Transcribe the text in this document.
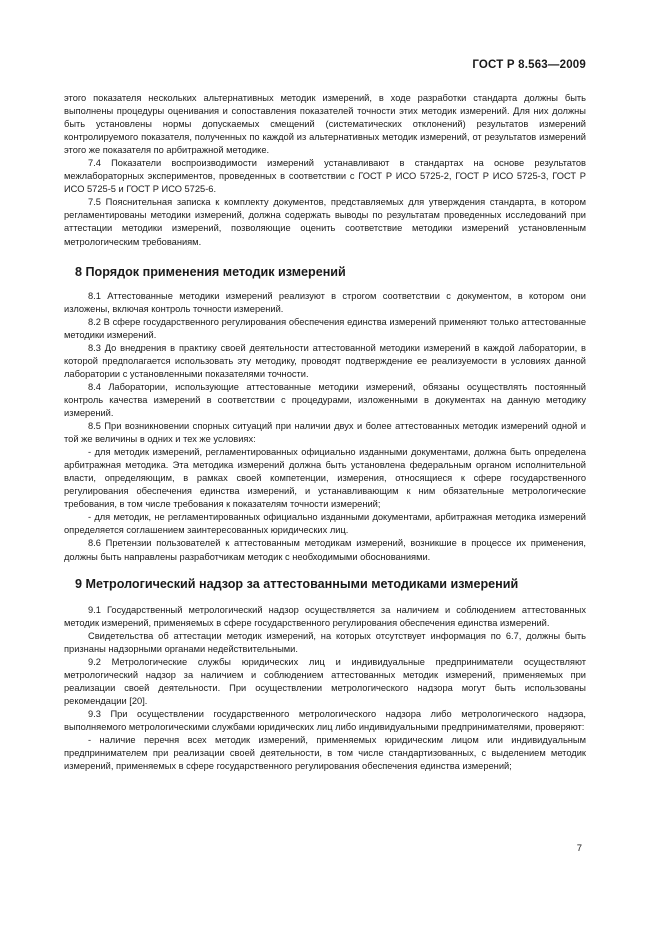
ГОСТ Р 8.563—2009

этого показателя нескольких альтернативных методик измерений, в ходе разработки стандарта должны быть выполнены процедуры оценивания и сопоставления показателей точности этих методик измерений. Для них должны быть установлены нормы допускаемых смещений (систематических отклонений) результатов измерений контролируемого показателя, полученных по каждой из альтернативных методик измерений, от результатов измерений этого же показателя по арбитражной методике.

7.4 Показатели воспроизводимости измерений устанавливают в стандартах на основе результатов межлабораторных экспериментов, проведенных в соответствии с ГОСТ Р ИСО 5725-2, ГОСТ Р ИСО 5725-3, ГОСТ Р ИСО 5725-5 и ГОСТ Р ИСО 5725-6.

7.5 Пояснительная записка к комплекту документов, представляемых для утверждения стандарта, в котором регламентированы методики измерений, должна содержать выводы по результатам проведенных исследований при аттестации методики измерений, позволяющие оценить соответствие методики измерений установленным метрологическим требованиям.

8 Порядок применения методик измерений

8.1 Аттестованные методики измерений реализуют в строгом соответствии с документом, в котором они изложены, включая контроль точности измерений.

8.2 В сфере государственного регулирования обеспечения единства измерений применяют только аттестованные методики измерений.

8.3 До внедрения в практику своей деятельности аттестованной методики измерений в каждой лаборатории, в которой предполагается использовать эту методику, проводят подтверждение ее реализуемости в условиях данной лаборатории с установленными показателями точности.

8.4 Лаборатории, использующие аттестованные методики измерений, обязаны осуществлять постоянный контроль качества измерений в соответствии с процедурами, изложенными в документах на данную методику измерений.

8.5 При возникновении спорных ситуаций при наличии двух и более аттестованных методик измерений одной и той же величины в одних и тех же условиях:

- для методик измерений, регламентированных официально изданными документами, должна быть определена арбитражная методика. Эта методика измерений должна быть установлена федеральным органом исполнительной власти, определяющим, в рамках своей компетенции, измерения, относящиеся к сфере государственного регулирования обеспечения единства измерений, и устанавливающим к ним обязательные метрологические требования, в том числе требования к показателям точности измерений;

- для методик, не регламентированных официально изданными документами, арбитражная методика измерений определяется соглашением заинтересованных юридических лиц.

8.6 Претензии пользователей к аттестованным методикам измерений, возникшие в процессе их применения, должны быть направлены разработчикам методик с необходимыми обоснованиями.

9 Метрологический надзор за аттестованными методиками измерений

9.1 Государственный метрологический надзор осуществляется за наличием и соблюдением аттестованных методик измерений, применяемых в сфере государственного регулирования обеспечения единства измерений.

Свидетельства об аттестации методик измерений, на которых отсутствует информация по 6.7, должны быть признаны надзорными органами недействительными.

9.2 Метрологические службы юридических лиц и индивидуальные предприниматели осуществляют метрологический надзор за наличием и соблюдением аттестованных методик измерений, применяемых при реализации своей деятельности. При осуществлении метрологического надзора могут быть использованы рекомендации [20].

9.3 При осуществлении государственного метрологического надзора либо метрологического надзора, выполняемого метрологическими службами юридических лиц либо индивидуальными предпринимателями, проверяют:

- наличие перечня всех методик измерений, применяемых юридическим лицом или индивидуальным предпринимателем при реализации своей деятельности, в том числе стандартизованных, с выделением методик измерений, применяемых в сфере государственного регулирования обеспечения единства измерений;

7
